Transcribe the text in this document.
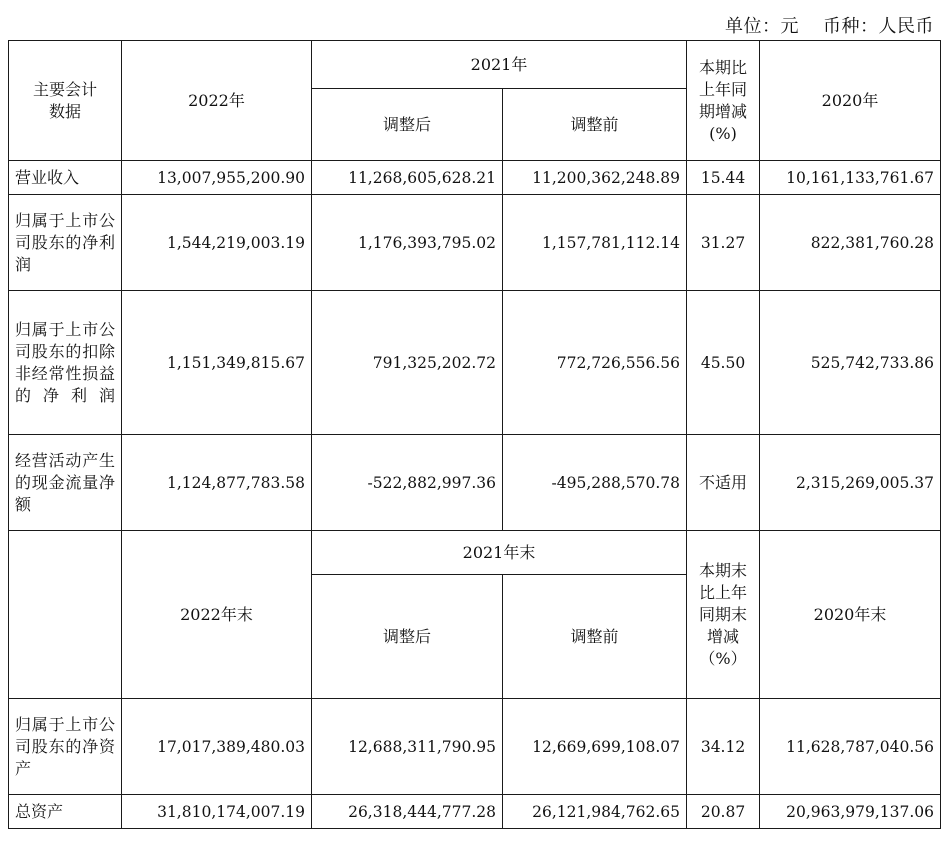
单位：元 币种：人民币
主要会计
数据	2022年	2021年		本期比上年同期增减(%)	2020年
		调整后	调整前		
营业收入	13,007,955,200.90	11,268,605,628.21	11,200,362,248.89	15.44	10,161,133,761.67
归属于上市公司股东的净利润	1,544,219,003.19	1,176,393,795.02	1,157,781,112.14	31.27	822,381,760.28
归属于上市公司股东的扣除非经常性损益的净利润	1,151,349,815.67	791,325,202.72	772,726,556.56	45.50	525,742,733.86
经营活动产生的现金流量净额	1,124,877,783.58	-522,882,997.36	-495,288,570.78	不适用	2,315,269,005.37
	2022年末	2021年末		本期末比上年同期末增减（%）	2020年末
		调整后	调整前		
归属于上市公司股东的净资产	17,017,389,480.03	12,688,311,790.95	12,669,699,108.07	34.12	11,628,787,040.56
总资产	31,810,174,007.19	26,318,444,777.28	26,121,984,762.65	20.87	20,963,979,137.06
